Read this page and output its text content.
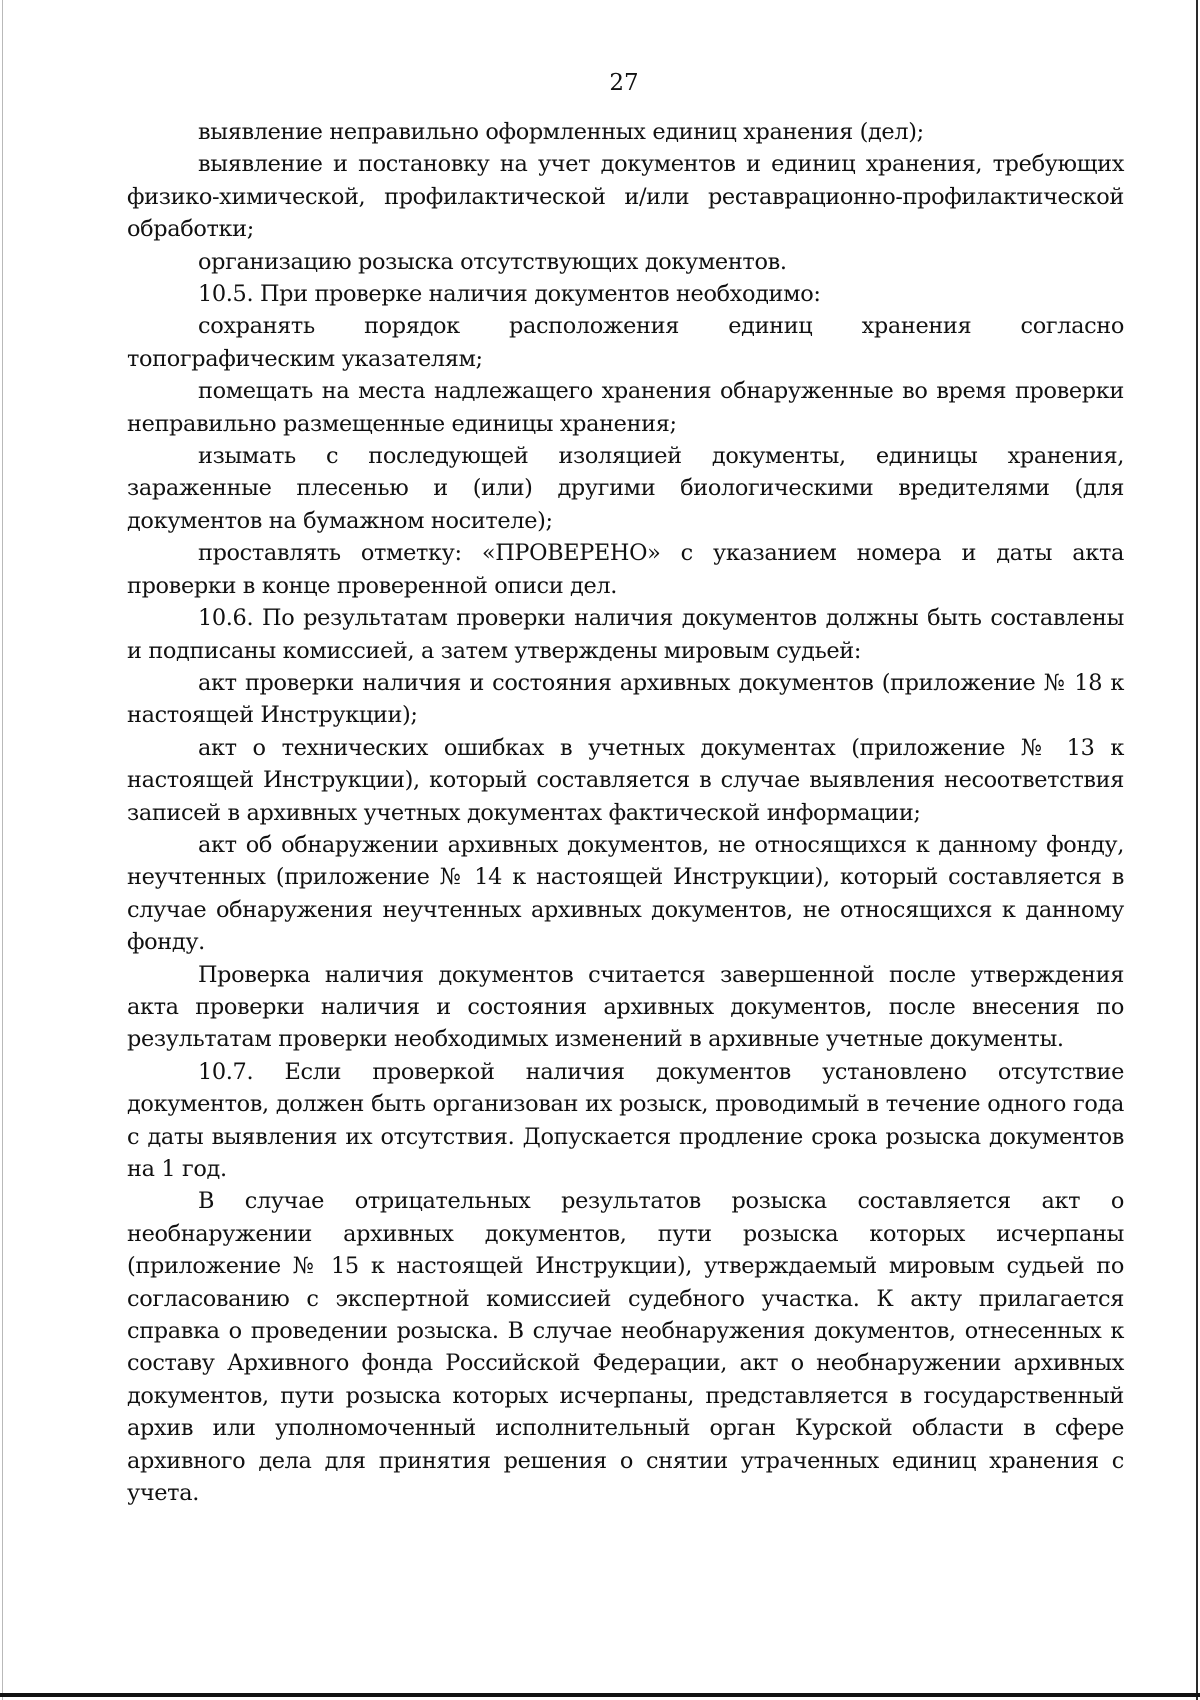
27

выявление неправильно оформленных единиц хранения (дел);

выявление и постановку на учет документов и единиц хранения, требующих физико-химической, профилактической и/или реставрационно-профилактической обработки;

организацию розыска отсутствующих документов.

10.5. При проверке наличия документов необходимо:

сохранять порядок расположения единиц хранения согласно топографическим указателям;

помещать на места надлежащего хранения обнаруженные во время проверки неправильно размещенные единицы хранения;

изымать с последующей изоляцией документы, единицы хранения, зараженные плесенью и (или) другими биологическими вредителями (для документов на бумажном носителе);

проставлять отметку: «ПРОВЕРЕНО» с указанием номера и даты акта проверки в конце проверенной описи дел.

10.6. По результатам проверки наличия документов должны быть составлены и подписаны комиссией, а затем утверждены мировым судьей:

акт проверки наличия и состояния архивных документов (приложение № 18 к настоящей Инструкции);

акт о технических ошибках в учетных документах (приложение № 13 к настоящей Инструкции), который составляется в случае выявления несоответствия записей в архивных учетных документах фактической информации;

акт об обнаружении архивных документов, не относящихся к данному фонду, неучтенных (приложение № 14 к настоящей Инструкции), который составляется в случае обнаружения неучтенных архивных документов, не относящихся к данному фонду.

Проверка наличия документов считается завершенной после утверждения акта проверки наличия и состояния архивных документов, после внесения по результатам проверки необходимых изменений в архивные учетные документы.

10.7. Если проверкой наличия документов установлено отсутствие документов, должен быть организован их розыск, проводимый в течение одного года с даты выявления их отсутствия. Допускается продление срока розыска документов на 1 год.

В случае отрицательных результатов розыска составляется акт о необнаружении архивных документов, пути розыска которых исчерпаны (приложение № 15 к настоящей Инструкции), утверждаемый мировым судьей по согласованию с экспертной комиссией судебного участка. К акту прилагается справка о проведении розыска. В случае необнаружения документов, отнесенных к составу Архивного фонда Российской Федерации, акт о необнаружении архивных документов, пути розыска которых исчерпаны, представляется в государственный архив или уполномоченный исполнительный орган Курской области в сфере архивного дела для принятия решения о снятии утраченных единиц хранения с учета.
